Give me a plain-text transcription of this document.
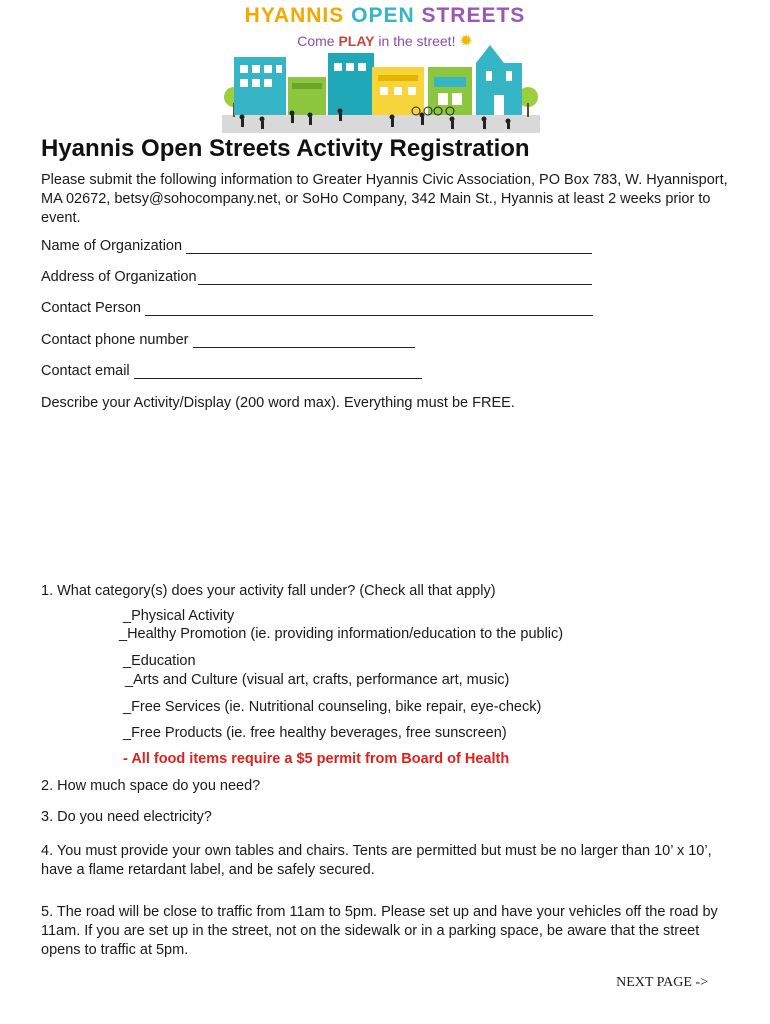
HYANNIS OPEN STREETS
Come PLAY in the street! ✹
Hyannis Open Streets Activity Registration
Please submit the following information to Greater Hyannis Civic Association, PO Box 783, W. Hyannisport, MA 02672, betsy@sohocompany.net, or SoHo Company, 342 Main St., Hyannis at least 2 weeks prior to event.
Name of Organization
Address of Organization
Contact Person
Contact phone number
Contact email
Describe your Activity/Display (200 word max). Everything must be FREE.
1. What category(s) does your activity fall under? (Check all that apply)
_Physical Activity
_Healthy Promotion (ie. providing information/education to the public)
_Education
_Arts and Culture (visual art, crafts, performance art, music)
_Free Services (ie. Nutritional counseling, bike repair, eye-check)
_Free Products (ie. free healthy beverages, free sunscreen)
- All food items require a $5 permit from Board of Health
2. How much space do you need?
3. Do you need electricity?
4. You must provide your own tables and chairs. Tents are permitted but must be no larger than 10’ x 10’, have a flame retardant label, and be safely secured.
5. The road will be close to traffic from 11am to 5pm. Please set up and have your vehicles off the road by 11am. If you are set up in the street, not on the sidewalk or in a parking space, be aware that the street opens to traffic at 5pm.
NEXT PAGE ->
